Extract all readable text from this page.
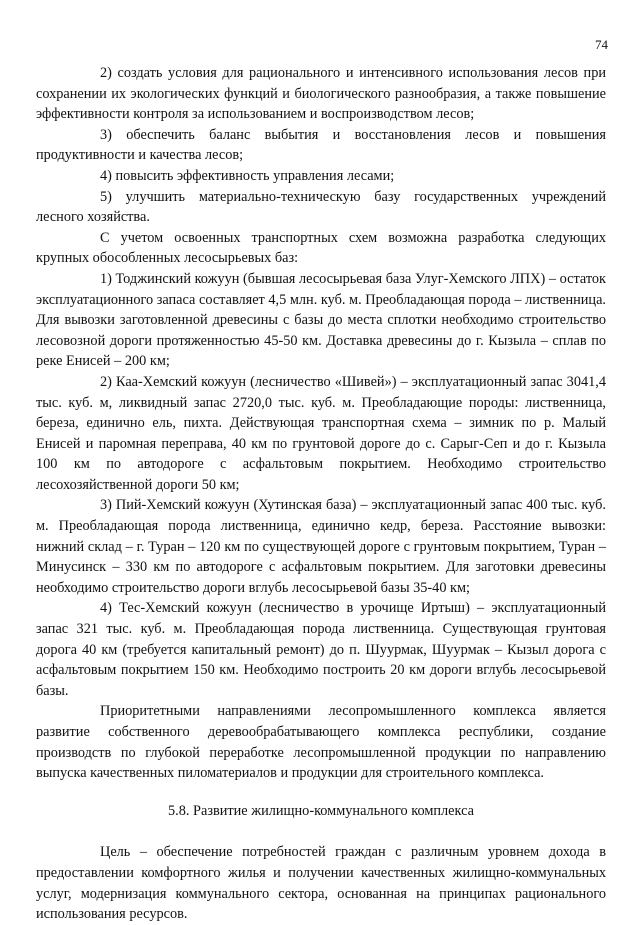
74

2) создать условия для рационального и интенсивного использования лесов при сохранении их экологических функций и биологического разнообразия, а также повышение эффективности контроля за использованием и воспроизводством лесов;

3) обеспечить баланс выбытия и восстановления лесов и повышения продуктивности и качества лесов;

4) повысить эффективность управления лесами;

5) улучшить материально-техническую базу государственных учреждений лесного хозяйства.

С учетом освоенных транспортных схем возможна разработка следующих крупных обособленных лесосырьевых баз:

1) Тоджинский кожуун (бывшая лесосырьевая база Улуг-Хемского ЛПХ) – остаток эксплуатационного запаса составляет 4,5 млн. куб. м. Преобладающая порода – лиственница. Для вывозки заготовленной древесины с базы до места сплотки необходимо строительство лесовозной дороги протяженностью 45-50 км. Доставка древесины до г. Кызыла – сплав по реке Енисей – 200 км;

2) Каа-Хемский кожуун (лесничество «Шивей») – эксплуатационный запас 3041,4 тыс. куб. м, ликвидный запас 2720,0 тыс. куб. м. Преобладающие породы: лиственница, береза, единично ель, пихта. Действующая транспортная схема – зимник по р. Малый Енисей и паромная переправа, 40 км по грунтовой дороге до с. Сарыг-Сеп и до г. Кызыла 100 км по автодороге с асфальтовым покрытием. Необходимо строительство лесохозяйственной дороги 50 км;

3) Пий-Хемский кожуун (Хутинская база) – эксплуатационный запас 400 тыс. куб. м. Преобладающая порода лиственница, единично кедр, береза. Расстояние вывозки: нижний склад – г. Туран – 120 км по существующей дороге с грунтовым покрытием, Туран – Минусинск – 330 км по автодороге с асфальтовым покрытием. Для заготовки древесины необходимо строительство дороги вглубь лесосырьевой базы 35-40 км;

4) Тес-Хемский кожуун (лесничество в урочище Иртыш) – эксплуатационный запас 321 тыс. куб. м. Преобладающая порода лиственница. Существующая грунтовая дорога 40 км (требуется капитальный ремонт) до п. Шуурмак, Шуурмак – Кызыл дорога с асфальтовым покрытием 150 км. Необходимо построить 20 км дороги вглубь лесосырьевой базы.

Приоритетными направлениями лесопромышленного комплекса является развитие собственного деревообрабатывающего комплекса республики, создание производств по глубокой переработке лесопромышленной продукции по направлению выпуска качественных пиломатериалов и продукции для строительного комплекса.

5.8. Развитие жилищно-коммунального комплекса

Цель – обеспечение потребностей граждан с различным уровнем дохода в предоставлении комфортного жилья и получении качественных жилищно-коммунальных услуг, модернизация коммунального сектора, основанная на принципах рационального использования ресурсов.
